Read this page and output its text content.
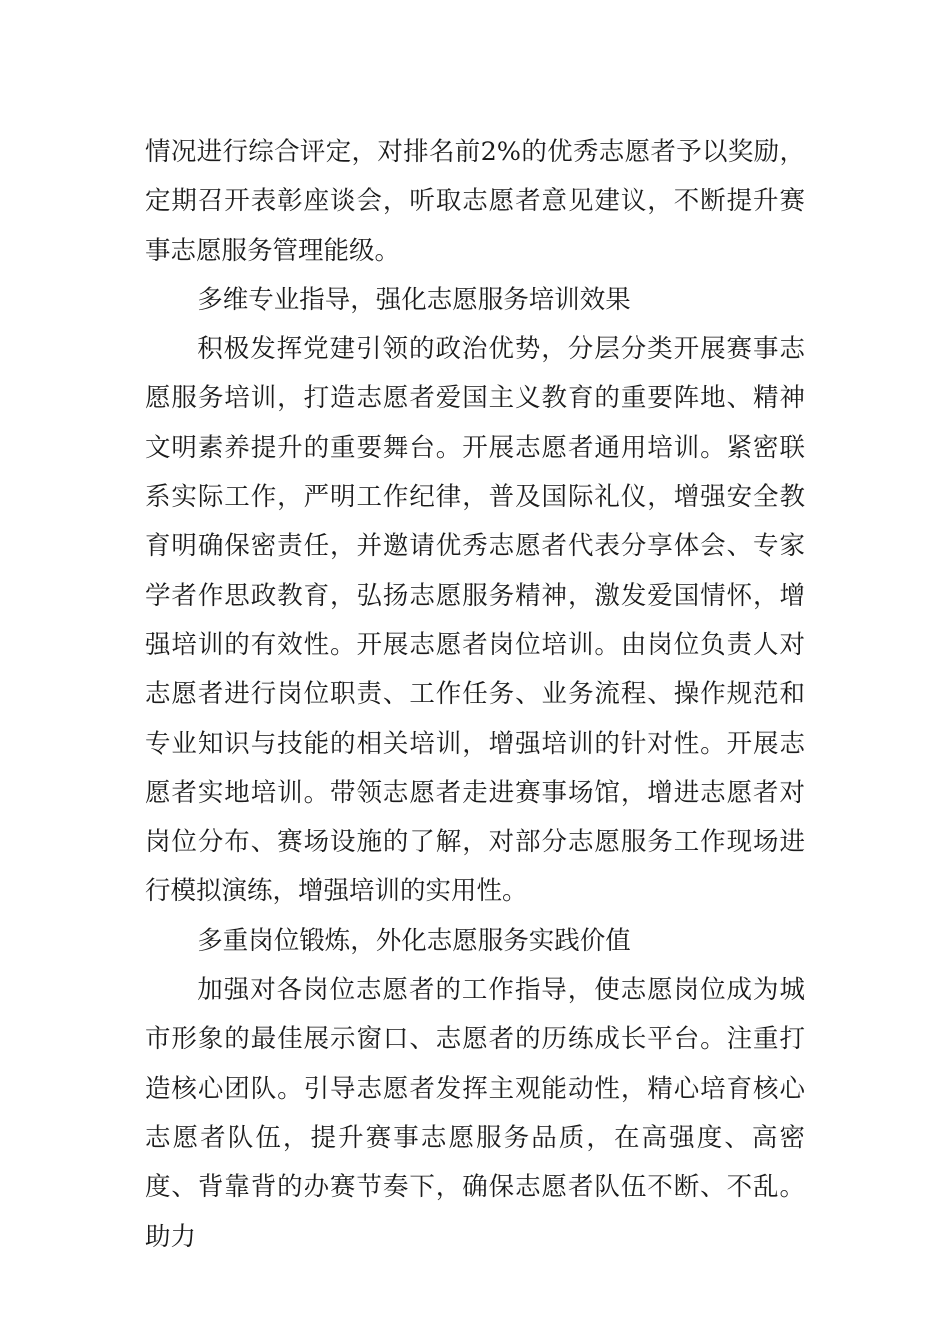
情况进行综合评定，对排名前2%的优秀志愿者予以奖励，定期召开表彰座谈会，听取志愿者意见建议，不断提升赛事志愿服务管理能级。

多维专业指导，强化志愿服务培训效果

积极发挥党建引领的政治优势，分层分类开展赛事志愿服务培训，打造志愿者爱国主义教育的重要阵地、精神文明素养提升的重要舞台。开展志愿者通用培训。紧密联系实际工作，严明工作纪律，普及国际礼仪，增强安全教育明确保密责任，并邀请优秀志愿者代表分享体会、专家学者作思政教育，弘扬志愿服务精神，激发爱国情怀，增强培训的有效性。开展志愿者岗位培训。由岗位负责人对志愿者进行岗位职责、工作任务、业务流程、操作规范和专业知识与技能的相关培训，增强培训的针对性。开展志愿者实地培训。带领志愿者走进赛事场馆，增进志愿者对岗位分布、赛场设施的了解，对部分志愿服务工作现场进行模拟演练，增强培训的实用性。

多重岗位锻炼，外化志愿服务实践价值

加强对各岗位志愿者的工作指导，使志愿岗位成为城市形象的最佳展示窗口、志愿者的历练成长平台。注重打造核心团队。引导志愿者发挥主观能动性，精心培育核心志愿者队伍，提升赛事志愿服务品质，在高强度、高密度、背靠背的办赛节奏下，确保志愿者队伍不断、不乱。助力
